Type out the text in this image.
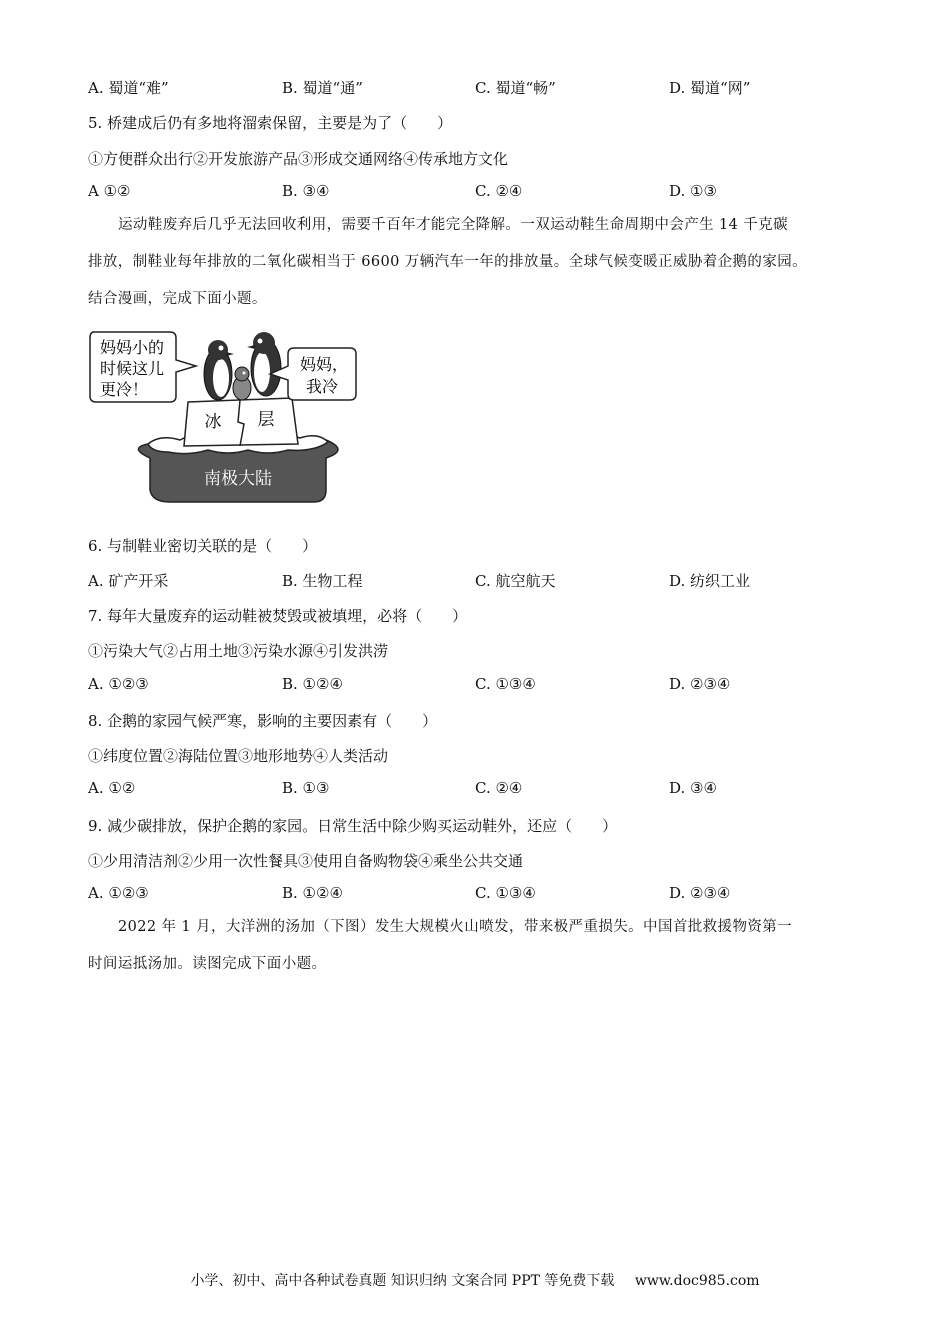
A. 蜀道“难”	B. 蜀道“通”	C. 蜀道“畅”	D. 蜀道“网”
5. 桥建成后仍有多地将溜索保留，主要是为了（　　）
①方便群众出行②开发旅游产品③形成交通网络④传承地方文化
A ①②	B. ③④	C. ②④	D. ①③
运动鞋废弃后几乎无法回收利用，需要千百年才能完全降解。一双运动鞋生命周期中会产生 14 千克碳
排放，制鞋业每年排放的二氧化碳相当于 6600 万辆汽车一年的排放量。全球气候变暖正威胁着企鹅的家园。
结合漫画，完成下面小题。
南极大陆
冰 层
妈妈小的
时候这儿
更冷！
妈妈，
我冷
6. 与制鞋业密切关联的是（　　）
A. 矿产开采	B. 生物工程	C. 航空航天	D. 纺织工业
7. 每年大量废弃的运动鞋被焚毁或被填埋，必将（　　）
①污染大气②占用土地③污染水源④引发洪涝
A. ①②③	B. ①②④	C. ①③④	D. ②③④
8. 企鹅的家园气候严寒，影响的主要因素有（　　）
①纬度位置②海陆位置③地形地势④人类活动
A. ①②	B. ①③	C. ②④	D. ③④
9. 减少碳排放，保护企鹅的家园。日常生活中除少购买运动鞋外，还应（　　）
①少用清洁剂②少用一次性餐具③使用自备购物袋④乘坐公共交通
A. ①②③	B. ①②④	C. ①③④	D. ②③④
2022 年 1 月，大洋洲的汤加（下图）发生大规模火山喷发，带来极严重损失。中国首批救援物资第一
时间运抵汤加。读图完成下面小题。
小学、初中、高中各种试卷真题 知识归纳 文案合同 PPT 等免费下载 www.doc985.com
